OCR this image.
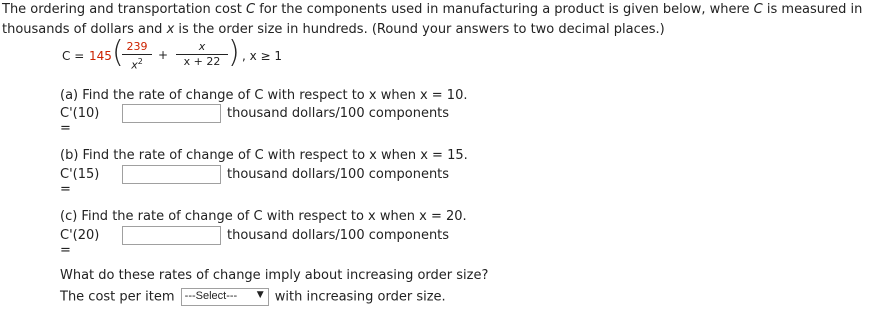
The ordering and transportation cost C for the components used in manufacturing a product is given below, where C is measured in
thousands of dollars and x is the order size in hundreds. (Round your answers to two decimal places.)
C = 145 (
$\frac{239}{x^2} + \frac{x}{x + 22}$ ) , x ≥ 1
(a) Find the rate of change of C with respect to x when x = 10.
C'(10) =
thousand dollars/100 components
(b) Find the rate of change of C with respect to x when x = 15.
C'(15) =
thousand dollars/100 components
(c) Find the rate of change of C with respect to x when x = 20.
C'(20) =
thousand dollars/100 components
What do these rates of change imply about increasing order size?
The cost per item ---Select--- ▼ with increasing order size.
